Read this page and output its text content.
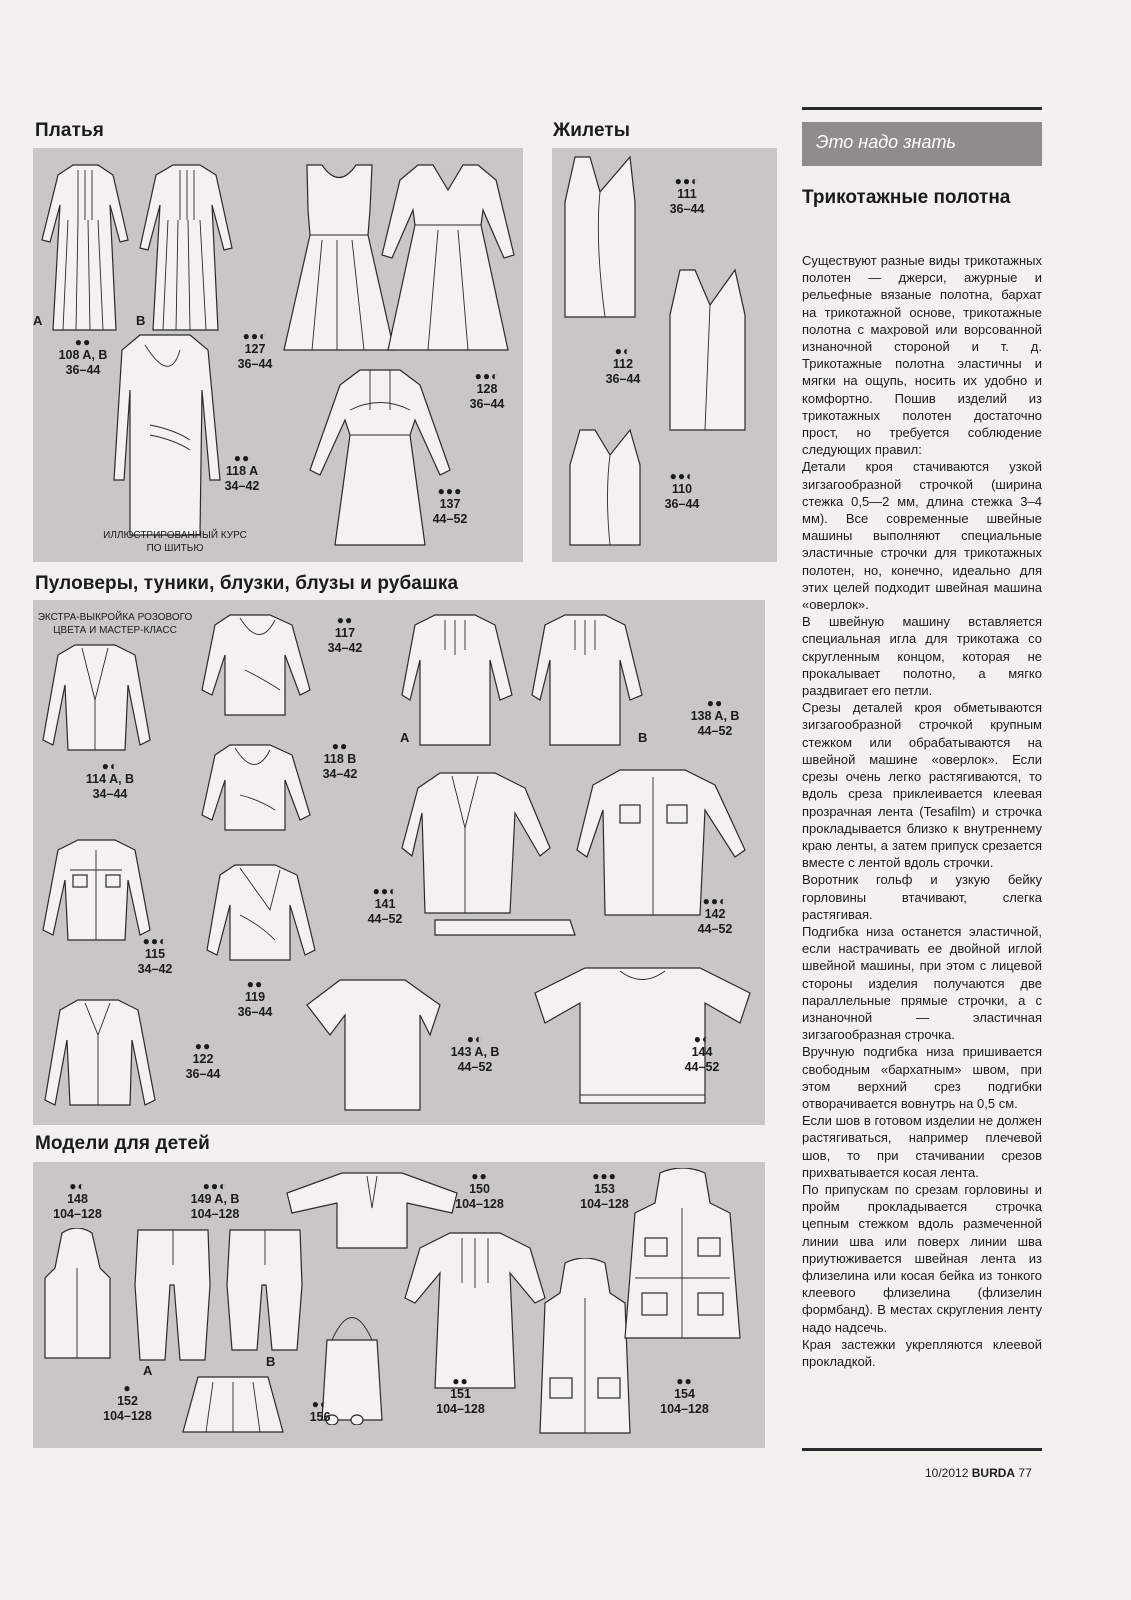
Платья	Жилеты
Пуловеры, туники, блузки, блузы и рубашка
Модели для детей
A	B
●●
108 A, B
36–44
●●◐
127
36–44
●●◐
128
36–44
●●
118 A
34–42	●●●
137
44–52
ИЛЛЮСТРИРОВАННЫЙ КУРС ПО ШИТЬЮ
●●◐
111
36–44
●◐
112
36–44
●●◐
110
36–44
ЭКСТРА-ВЫКРОЙКА РОЗОВОГО ЦВЕТА И МАСТЕР-КЛАСС
A	B
●●
117
34–42
●◐
114 A, B
34–44
●●
118 B
34–42
●●
138 A, B
44–52
●●◐
141
44–52
●●◐
142
44–52
●●◐
115
34–42
●●
119
36–44
●●
122
36–44
●◐
143 A, B
44–52
●◐
144
44–52
A
B
●◐
148
104–128
●●◐
149 A, B
104–128
●●
150
104–128
●●●
153
104–128
●
152
104–128
●◐
156
●●
151
104–128
●●
154
104–128
Это надо знать
Трикотажные полотна

Существуют разные виды трикотажных полотен — джерси, ажурные и рельефные вязаные полотна, бархат на трикотажной основе, трикотажные полотна с махровой или ворсованной изнаночной стороной и т. д. Трикотажные полотна эластичны и мягки на ощупь, носить их удобно и комфортно. Пошив изделий из трикотажных полотен достаточно прост, но требуется соблюдение следующих правил:

Детали кроя стачиваются узкой зигзагообразной строчкой (ширина стежка 0,5—2 мм, длина стежка 3–4 мм). Все современные швейные машины выполняют специальные эластичные строчки для трикотажных полотен, но, конечно, идеально для этих целей подходит швейная машина «оверлок».

В швейную машину вставляется специальная игла для трикотажа со скругленным концом, которая не прокалывает полотно, а мягко раздвигает его петли.

Срезы деталей кроя обметываются зигзагообразной строчкой крупным стежком или обрабатываются на швейной машине «оверлок». Если срезы очень легко растягиваются, то вдоль среза приклеивается клеевая прозрачная лента (Tesafilm) и строчка прокладывается близко к внутреннему краю ленты, а затем припуск срезается вместе с лентой вдоль строчки.

Воротник гольф и узкую бейку горловины втачивают, слегка растягивая.

Подгибка низа останется эластичной, если настрачивать ее двойной иглой швейной машины, при этом с лицевой стороны изделия получаются две параллельные прямые строчки, а с изнаночной — эластичная зигзагообразная строчка.

Вручную подгибка низа пришивается свободным «бархатным» швом, при этом верхний срез подгибки отворачивается вовнутрь на 0,5 см.

Если шов в готовом изделии не должен растягиваться, например плечевой шов, то при стачивании срезов прихватывается косая лента.

По припускам по срезам горловины и пройм прокладывается строчка цепным стежком вдоль размеченной линии шва или поверх линии шва приутюживается швейная лента из флизелина или косая бейка из тонкого клеевого флизелина (флизелин формбанд). В местах скругления ленту надо надсечь.

Края застежки укрепляются клеевой прокладкой.

10/2012 BURDA 77
